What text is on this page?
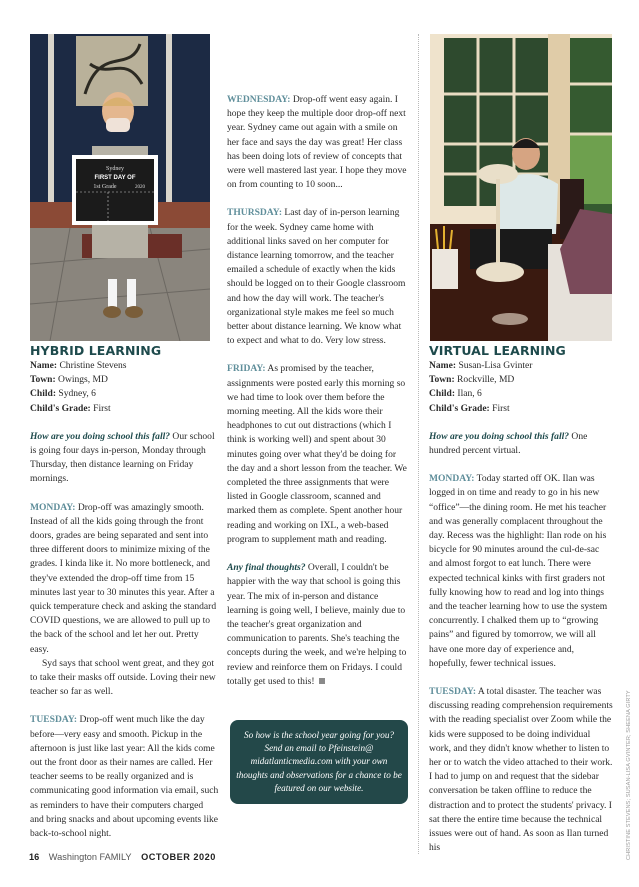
Sydney
FIRST DAY OF
1st Grade	2020
HYBRID LEARNING
Name: Christine Stevens
Town: Owings, MD
Child: Sydney, 6
Child's Grade: First

How are you doing school this fall? Our school is going four days in-person, Monday through Thursday, then distance learning on Friday mornings.

MONDAY: Drop-off was amazingly smooth. Instead of all the kids going through the front doors, grades are being separated and sent into three different doors to minimize mixing of the grades. I kinda like it. No more bottleneck, and they've extended the drop-off time from 15 minutes last year to 30 minutes this year. After a quick temperature check and asking the standard COVID questions, we are allowed to pull up to the back of the school and let her out. Pretty easy.

Syd says that school went great, and they got to take their masks off outside. Loving their new teacher so far as well.

TUESDAY: Drop-off went much like the day before—very easy and smooth. Pickup in the afternoon is just like last year: All the kids come out the front door as their names are called. Her teacher seems to be really organized and is communicating good information via email, such as reminders to have their computers charged and bring snacks and about upcoming events like back-to-school night.

WEDNESDAY: Drop-off went easy again. I hope they keep the multiple door drop-off next year. Sydney came out again with a smile on her face and says the day was great! Her class has been doing lots of review of concepts that were well mastered last year. I hope they move on from counting to 10 soon...

THURSDAY: Last day of in-person learning for the week. Sydney came home with additional links saved on her computer for distance learning tomorrow, and the teacher emailed a schedule of exactly when the kids should be logged on to their Google classroom and how the day will work. The teacher's organizational style makes me feel so much better about distance learning. We know what to expect and what to do. Very low stress.

FRIDAY: As promised by the teacher, assignments were posted early this morning so we had time to look over them before the morning meeting. All the kids wore their headphones to cut out distractions (which I think is working well) and spent about 30 minutes going over what they'd be doing for the day and a short lesson from the teacher. We completed the three assignments that were listed in Google classroom, scanned and marked them as complete. Spent another hour reading and working on IXL, a web-based program to supplement math and reading.

Any final thoughts? Overall, I couldn't be happier with the way that school is going this year. The mix of in-person and distance learning is going well, I believe, mainly due to the teacher's great organization and communication to parents. She's teaching the concepts during the week, and we're helping to review and reinforce them on Fridays. I could totally get used to this!

So how is the school year going for you? Send an email to Pfeinstein@ midatlanticmedia.com with your own thoughts and observations for a chance to be featured on our website.
VIRTUAL LEARNING
Name: Susan-Lisa Gvinter
Town: Rockville, MD
Child: Ilan, 6
Child's Grade: First

How are you doing school this fall? One hundred percent virtual.

MONDAY: Today started off OK. Ilan was logged in on time and ready to go in his new “office”—the dining room. He met his teacher and was generally complacent throughout the day. Recess was the highlight: Ilan rode on his bicycle for 90 minutes around the cul-de-sac and almost forgot to eat lunch. There were expected technical kinks with first graders not fully knowing how to read and log into things and the teacher learning how to use the system concurrently. I chalked them up to “growing pains” and figured by tomorrow, we will all have one more day of experience and, hopefully, fewer technical issues.

TUESDAY: A total disaster. The teacher was discussing reading comprehension requirements with the reading specialist over Zoom while the kids were supposed to be doing individual work, and they didn't know whether to listen to her or to watch the video attached to their work. I had to jump on and request that the sidebar conversation be taken offline to reduce the distraction and to protect the students' privacy. I sat there the entire time because the technical issues were out of hand. As soon as Ilan turned his	CHRISTINE STEVENS; SUSAN-LISA GVINTER; SHEENA GIRTY
16 Washington FAMILY OCTOBER 2020
